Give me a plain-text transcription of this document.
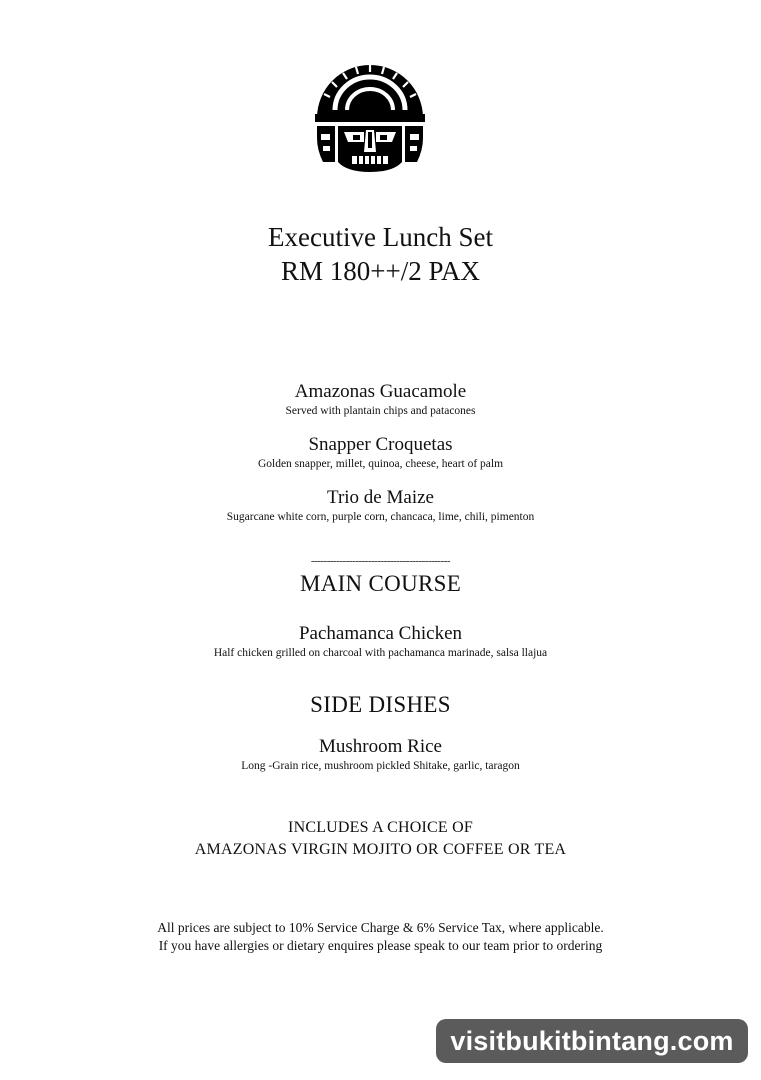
Executive Lunch Set
RM 180++/2 PAX
Amazonas Guacamole
Served with plantain chips and patacones
Snapper Croquetas
Golden snapper, millet, quinoa, cheese, heart of palm
Trio de Maize
Sugarcane white corn, purple corn, chancaca, lime, chili, pimenton
--------------------------------------------
MAIN COURSE
Pachamanca Chicken
Half chicken grilled on charcoal with pachamanca marinade, salsa llajua
SIDE DISHES
Mushroom Rice
Long -Grain rice, mushroom pickled Shitake, garlic, taragon
INCLUDES A CHOICE OF
AMAZONAS VIRGIN MOJITO OR COFFEE OR TEA
All prices are subject to 10% Service Charge & 6% Service Tax, where applicable.
If you have allergies or dietary enquires please speak to our team prior to ordering
visitbukitbintang.com
